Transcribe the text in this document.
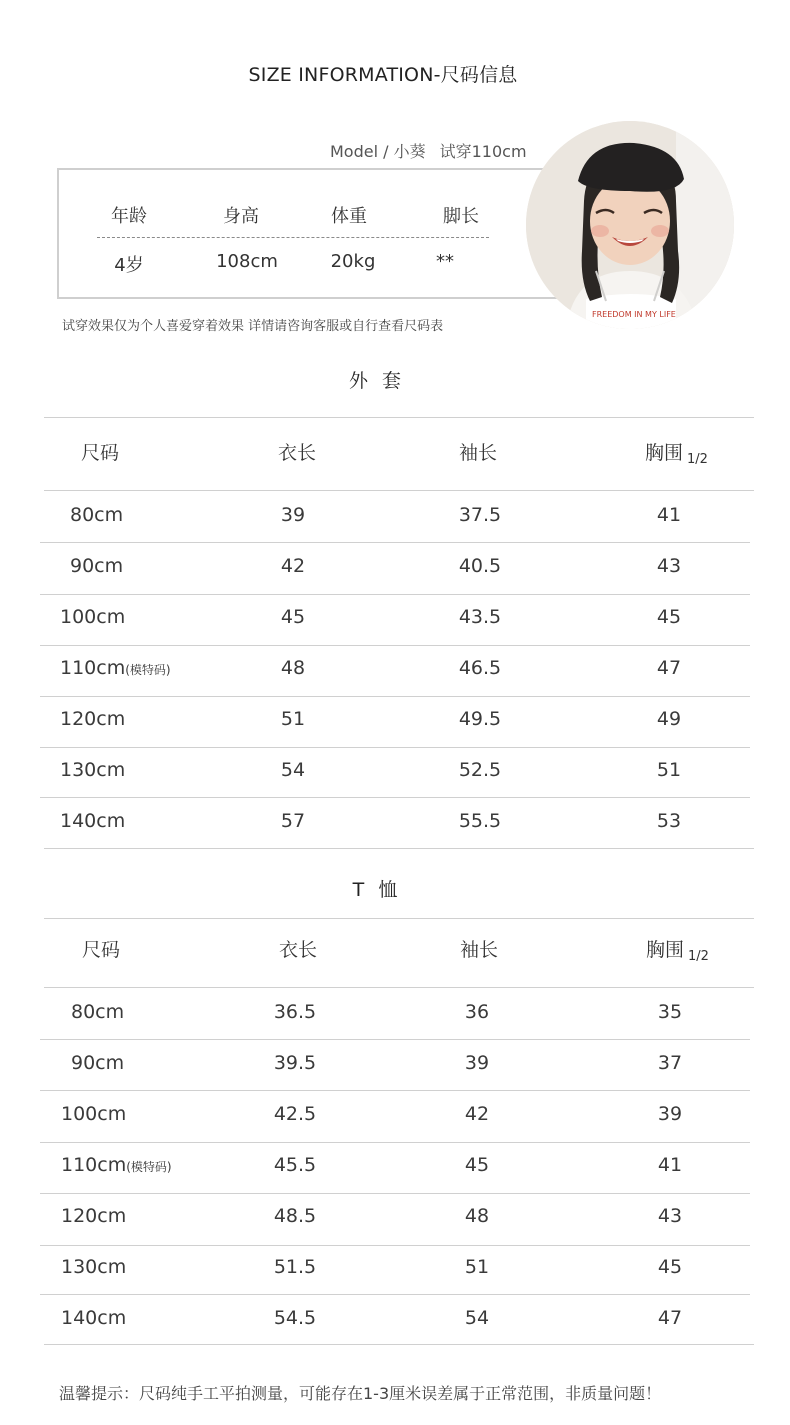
SIZE INFORMATION-尺码信息
Model / 小葵 试穿110cm
年龄	身高	体重	脚长
4岁	108cm	20kg	**
FREEDOM IN MY LIFE
试穿效果仅为个人喜爱穿着效果 详情请咨询客服或自行查看尺码表
外 套
尺码	衣长	袖长	胸围 $_{1/2}$
80cm	39	37.5	41
90cm	42	40.5	43
100cm	45	43.5	45
110cm(模特码)	48	46.5	47
120cm	51	49.5	49
130cm	54	52.5	51
140cm	57	55.5	53
T 恤
尺码	衣长	袖长	胸围 $_{1/2}$
80cm	36.5	36	35
90cm	39.5	39	37
100cm	42.5	42	39
110cm(模特码)	45.5	45	41
120cm	48.5	48	43
130cm	51.5	51	45
140cm	54.5	54	47
温馨提示：尺码纯手工平拍测量，可能存在1-3厘米误差属于正常范围，非质量问题！
